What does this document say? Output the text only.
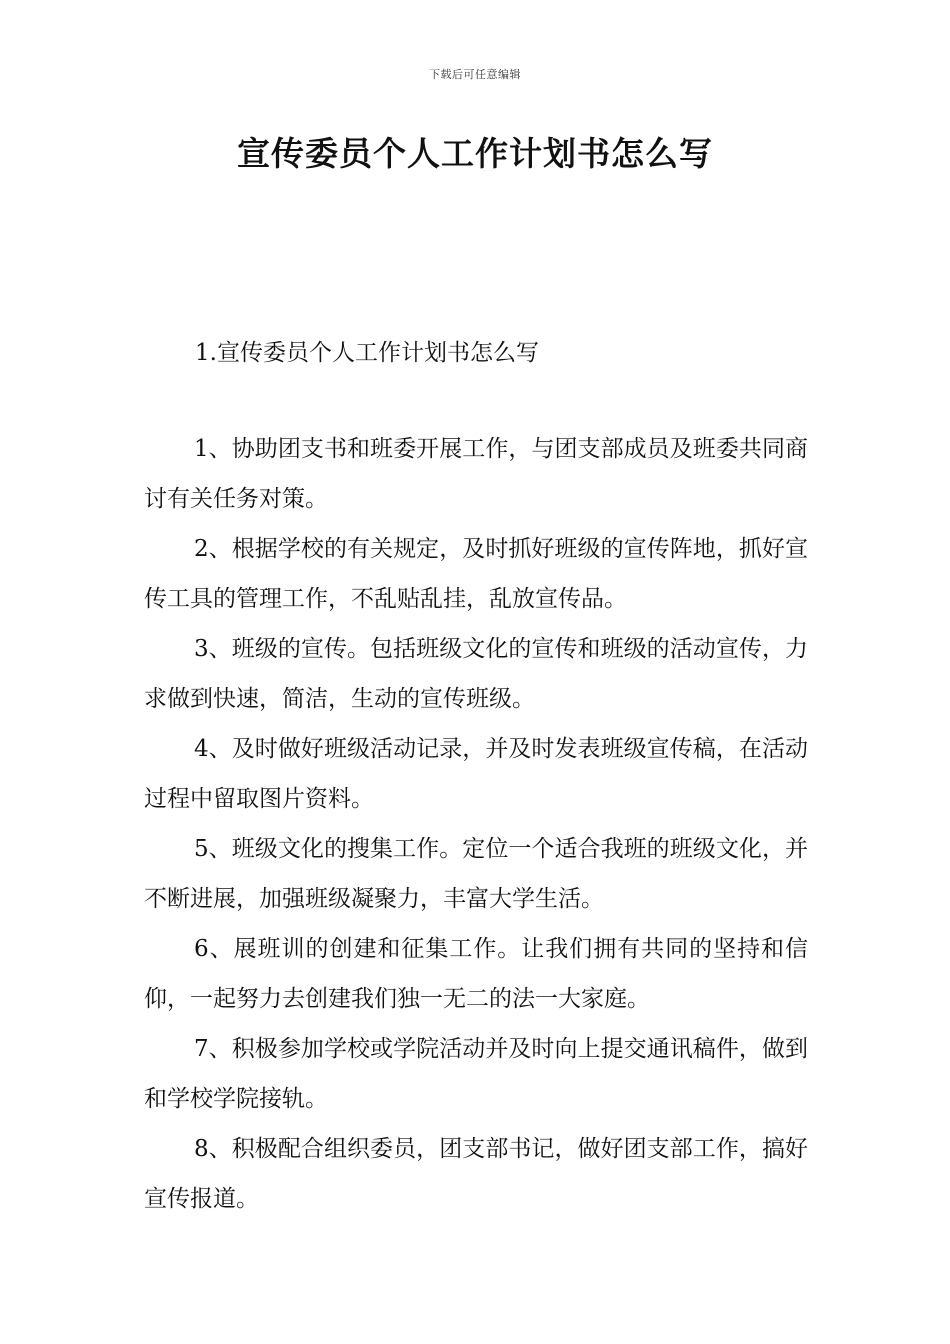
下载后可任意编辑
宣传委员个人工作计划书怎么写
1.宣传委员个人工作计划书怎么写

1、协助团支书和班委开展工作，与团支部成员及班委共同商讨有关任务对策。

2、根据学校的有关规定，及时抓好班级的宣传阵地，抓好宣传工具的管理工作，不乱贴乱挂，乱放宣传品。

3、班级的宣传。包括班级文化的宣传和班级的活动宣传，力求做到快速，简洁，生动的宣传班级。

4、及时做好班级活动记录，并及时发表班级宣传稿，在活动过程中留取图片资料。

5、班级文化的搜集工作。定位一个适合我班的班级文化，并不断进展，加强班级凝聚力，丰富大学生活。

6、展班训的创建和征集工作。让我们拥有共同的坚持和信仰，一起努力去创建我们独一无二的法一大家庭。

7、积极参加学校或学院活动并及时向上提交通讯稿件，做到和学校学院接轨。

8、积极配合组织委员，团支部书记，做好团支部工作，搞好宣传报道。
